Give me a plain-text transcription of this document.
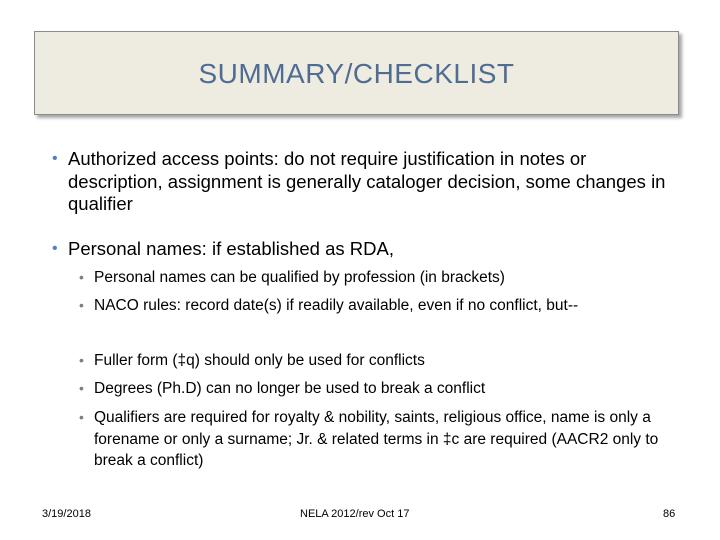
SUMMARY/CHECKLIST
• Authorized access points: do not require justification in notes or description, assignment is generally cataloger decision, some changes in qualifier
• Personal names: if established as RDA,
• Personal names can be qualified by profession (in brackets)
• NACO rules: record date(s) if readily available, even if no conflict, but--
• Fuller form (‡q) should only be used for conflicts
• Degrees (Ph.D) can no longer be used to break a conflict
• Qualifiers are required for royalty & nobility, saints, religious office, name is only a forename or only a surname; Jr. & related terms in ‡c are required (AACR2 only to break a conflict)
3/19/2018	NELA 2012/rev Oct 17	86
